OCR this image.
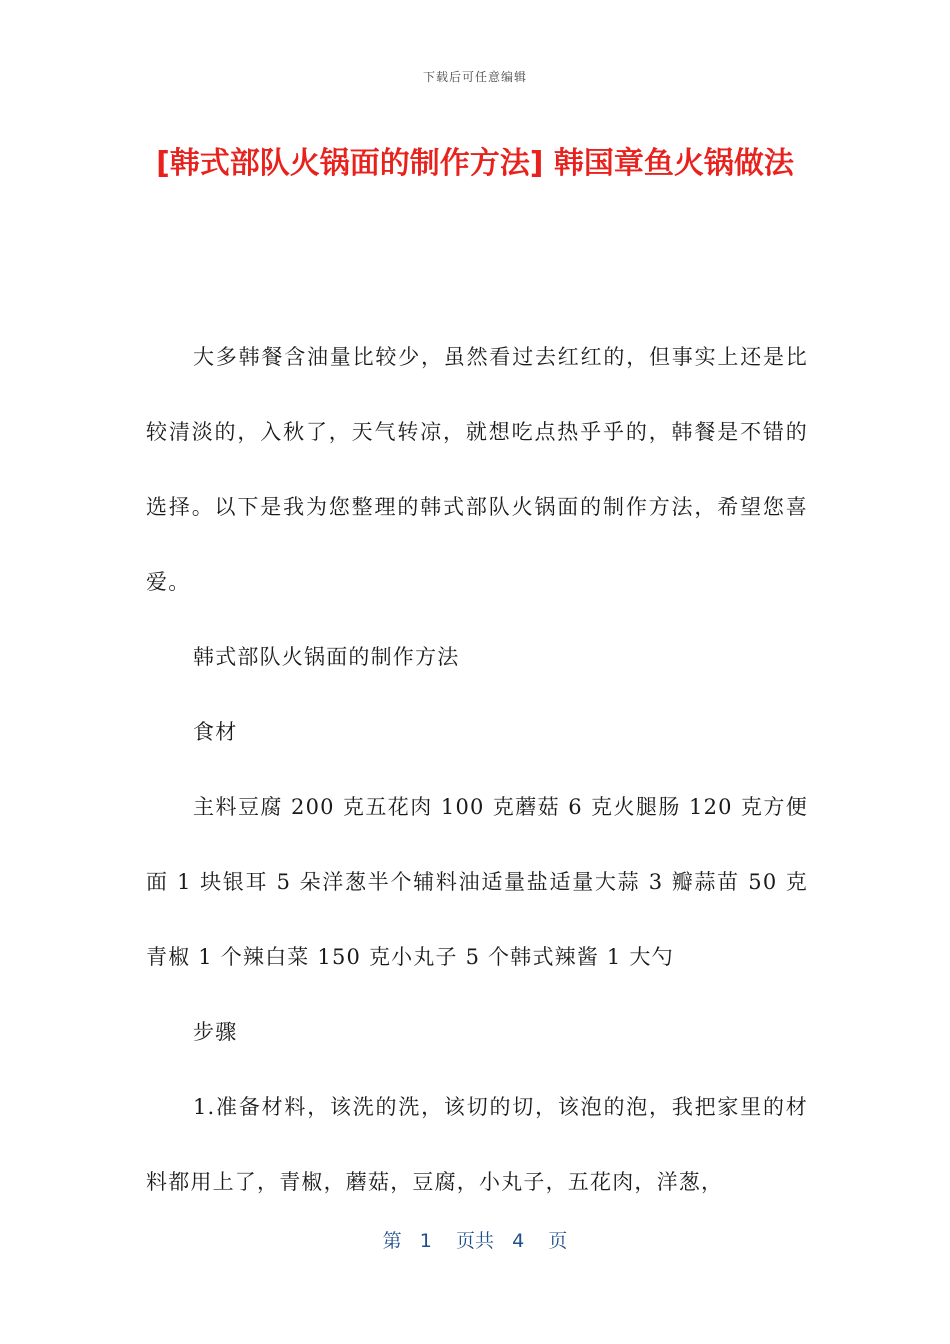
下载后可任意编辑
[韩式部队火锅面的制作方法] 韩国章鱼火锅做法

大多韩餐含油量比较少，虽然看过去红红的，但事实上还是比较清淡的，入秋了，天气转凉，就想吃点热乎乎的，韩餐是不错的选择。以下是我为您整理的韩式部队火锅面的制作方法，希望您喜爱。

韩式部队火锅面的制作方法

食材

主料豆腐 200 克五花肉 100 克蘑菇 6 克火腿肠 120 克方便面 1 块银耳 5 朵洋葱半个辅料油适量盐适量大蒜 3 瓣蒜苗 50 克青椒 1 个辣白菜 150 克小丸子 5 个韩式辣酱 1 大勺

步骤

1.准备材料，该洗的洗，该切的切，该泡的泡，我把家里的材料都用上了，青椒，蘑菇，豆腐，小丸子，五花肉，洋葱，

第 1 页共 4 页
